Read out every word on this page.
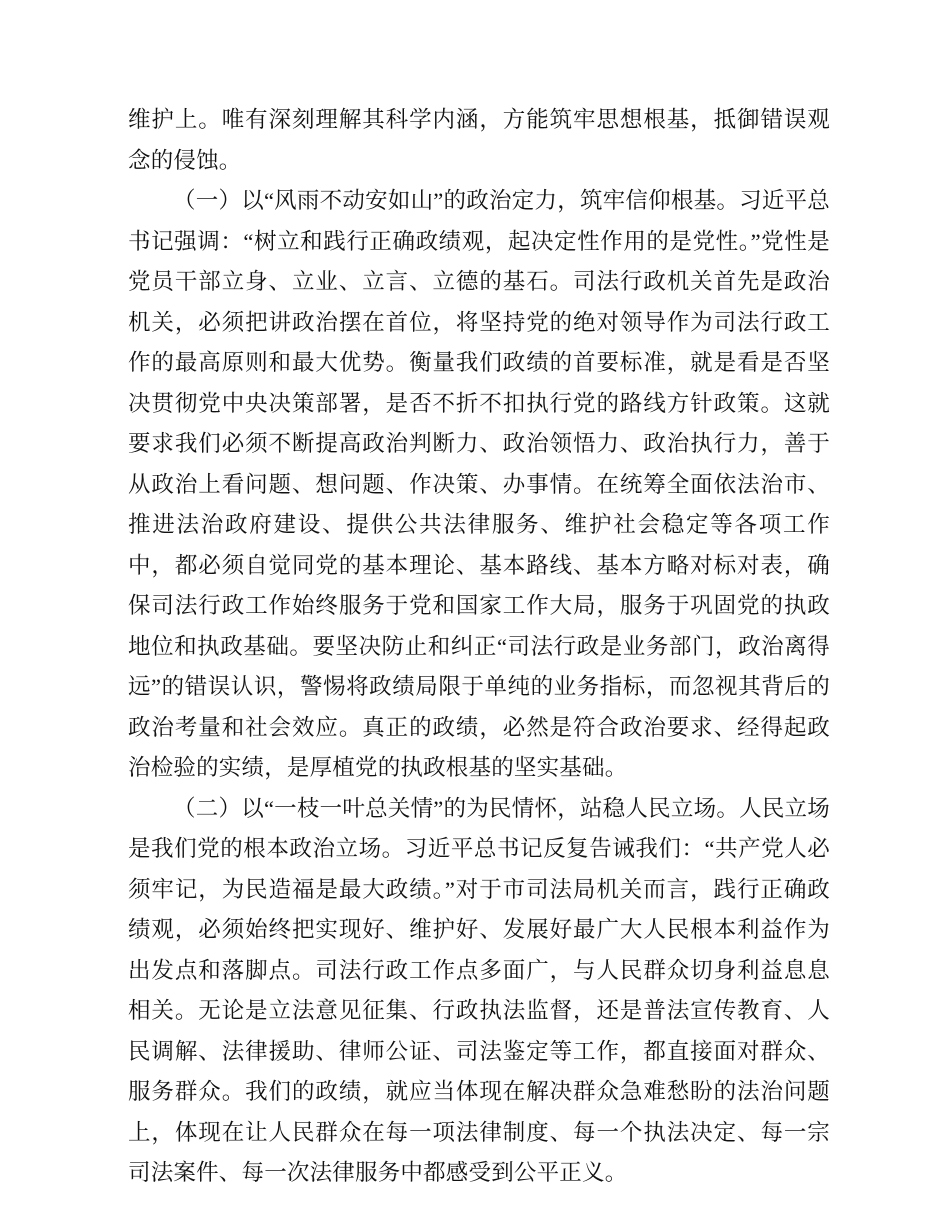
维护上。唯有深刻理解其科学内涵，方能筑牢思想根基，抵御错误观念的侵蚀。

（一）以“风雨不动安如山”的政治定力，筑牢信仰根基。习近平总书记强调：“树立和践行正确政绩观，起决定性作用的是党性。”党性是党员干部立身、立业、立言、立德的基石。司法行政机关首先是政治机关，必须把讲政治摆在首位，将坚持党的绝对领导作为司法行政工作的最高原则和最大优势。衡量我们政绩的首要标准，就是看是否坚决贯彻党中央决策部署，是否不折不扣执行党的路线方针政策。这就要求我们必须不断提高政治判断力、政治领悟力、政治执行力，善于从政治上看问题、想问题、作决策、办事情。在统筹全面依法治市、推进法治政府建设、提供公共法律服务、维护社会稳定等各项工作中，都必须自觉同党的基本理论、基本路线、基本方略对标对表，确保司法行政工作始终服务于党和国家工作大局，服务于巩固党的执政地位和执政基础。要坚决防止和纠正“司法行政是业务部门，政治离得远”的错误认识，警惕将政绩局限于单纯的业务指标，而忽视其背后的政治考量和社会效应。真正的政绩，必然是符合政治要求、经得起政治检验的实绩，是厚植党的执政根基的坚实基础。

（二）以“一枝一叶总关情”的为民情怀，站稳人民立场。人民立场是我们党的根本政治立场。习近平总书记反复告诫我们：“共产党人必须牢记，为民造福是最大政绩。”对于市司法局机关而言，践行正确政绩观，必须始终把实现好、维护好、发展好最广大人民根本利益作为出发点和落脚点。司法行政工作点多面广，与人民群众切身利益息息相关。无论是立法意见征集、行政执法监督，还是普法宣传教育、人民调解、法律援助、律师公证、司法鉴定等工作，都直接面对群众、服务群众。我们的政绩，就应当体现在解决群众急难愁盼的法治问题上，体现在让人民群众在每一项法律制度、每一个执法决定、每一宗司法案件、每一次法律服务中都感受到公平正义。
